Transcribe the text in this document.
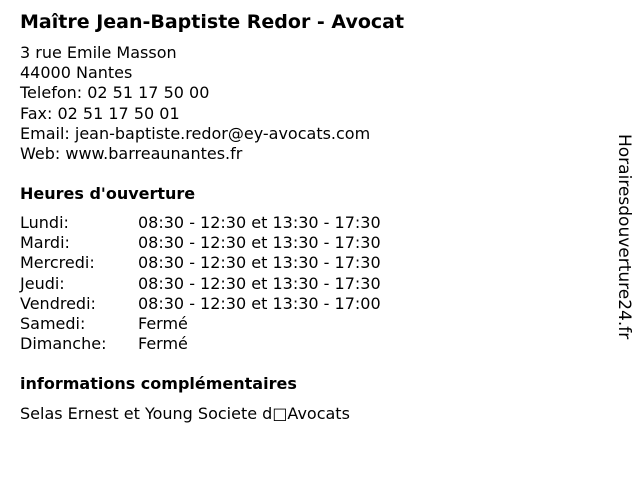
Maître Jean-Baptiste Redor - Avocat
3 rue Emile Masson
44000 Nantes
Telefon: 02 51 17 50 00
Fax: 02 51 17 50 01
Email: jean-baptiste.redor@ey-avocats.com
Web: www.barreaunantes.fr
Heures d'ouverture
Lundi:	08:30 - 12:30 et 13:30 - 17:30
Mardi:	08:30 - 12:30 et 13:30 - 17:30
Mercredi:	08:30 - 12:30 et 13:30 - 17:30
Jeudi:	08:30 - 12:30 et 13:30 - 17:30
Vendredi:	08:30 - 12:30 et 13:30 - 17:00
Samedi:	Fermé
Dimanche: Fermé
informations complémentaires
Selas Ernest et Young Societe d□Avocats
Horairesdouverture24.fr
